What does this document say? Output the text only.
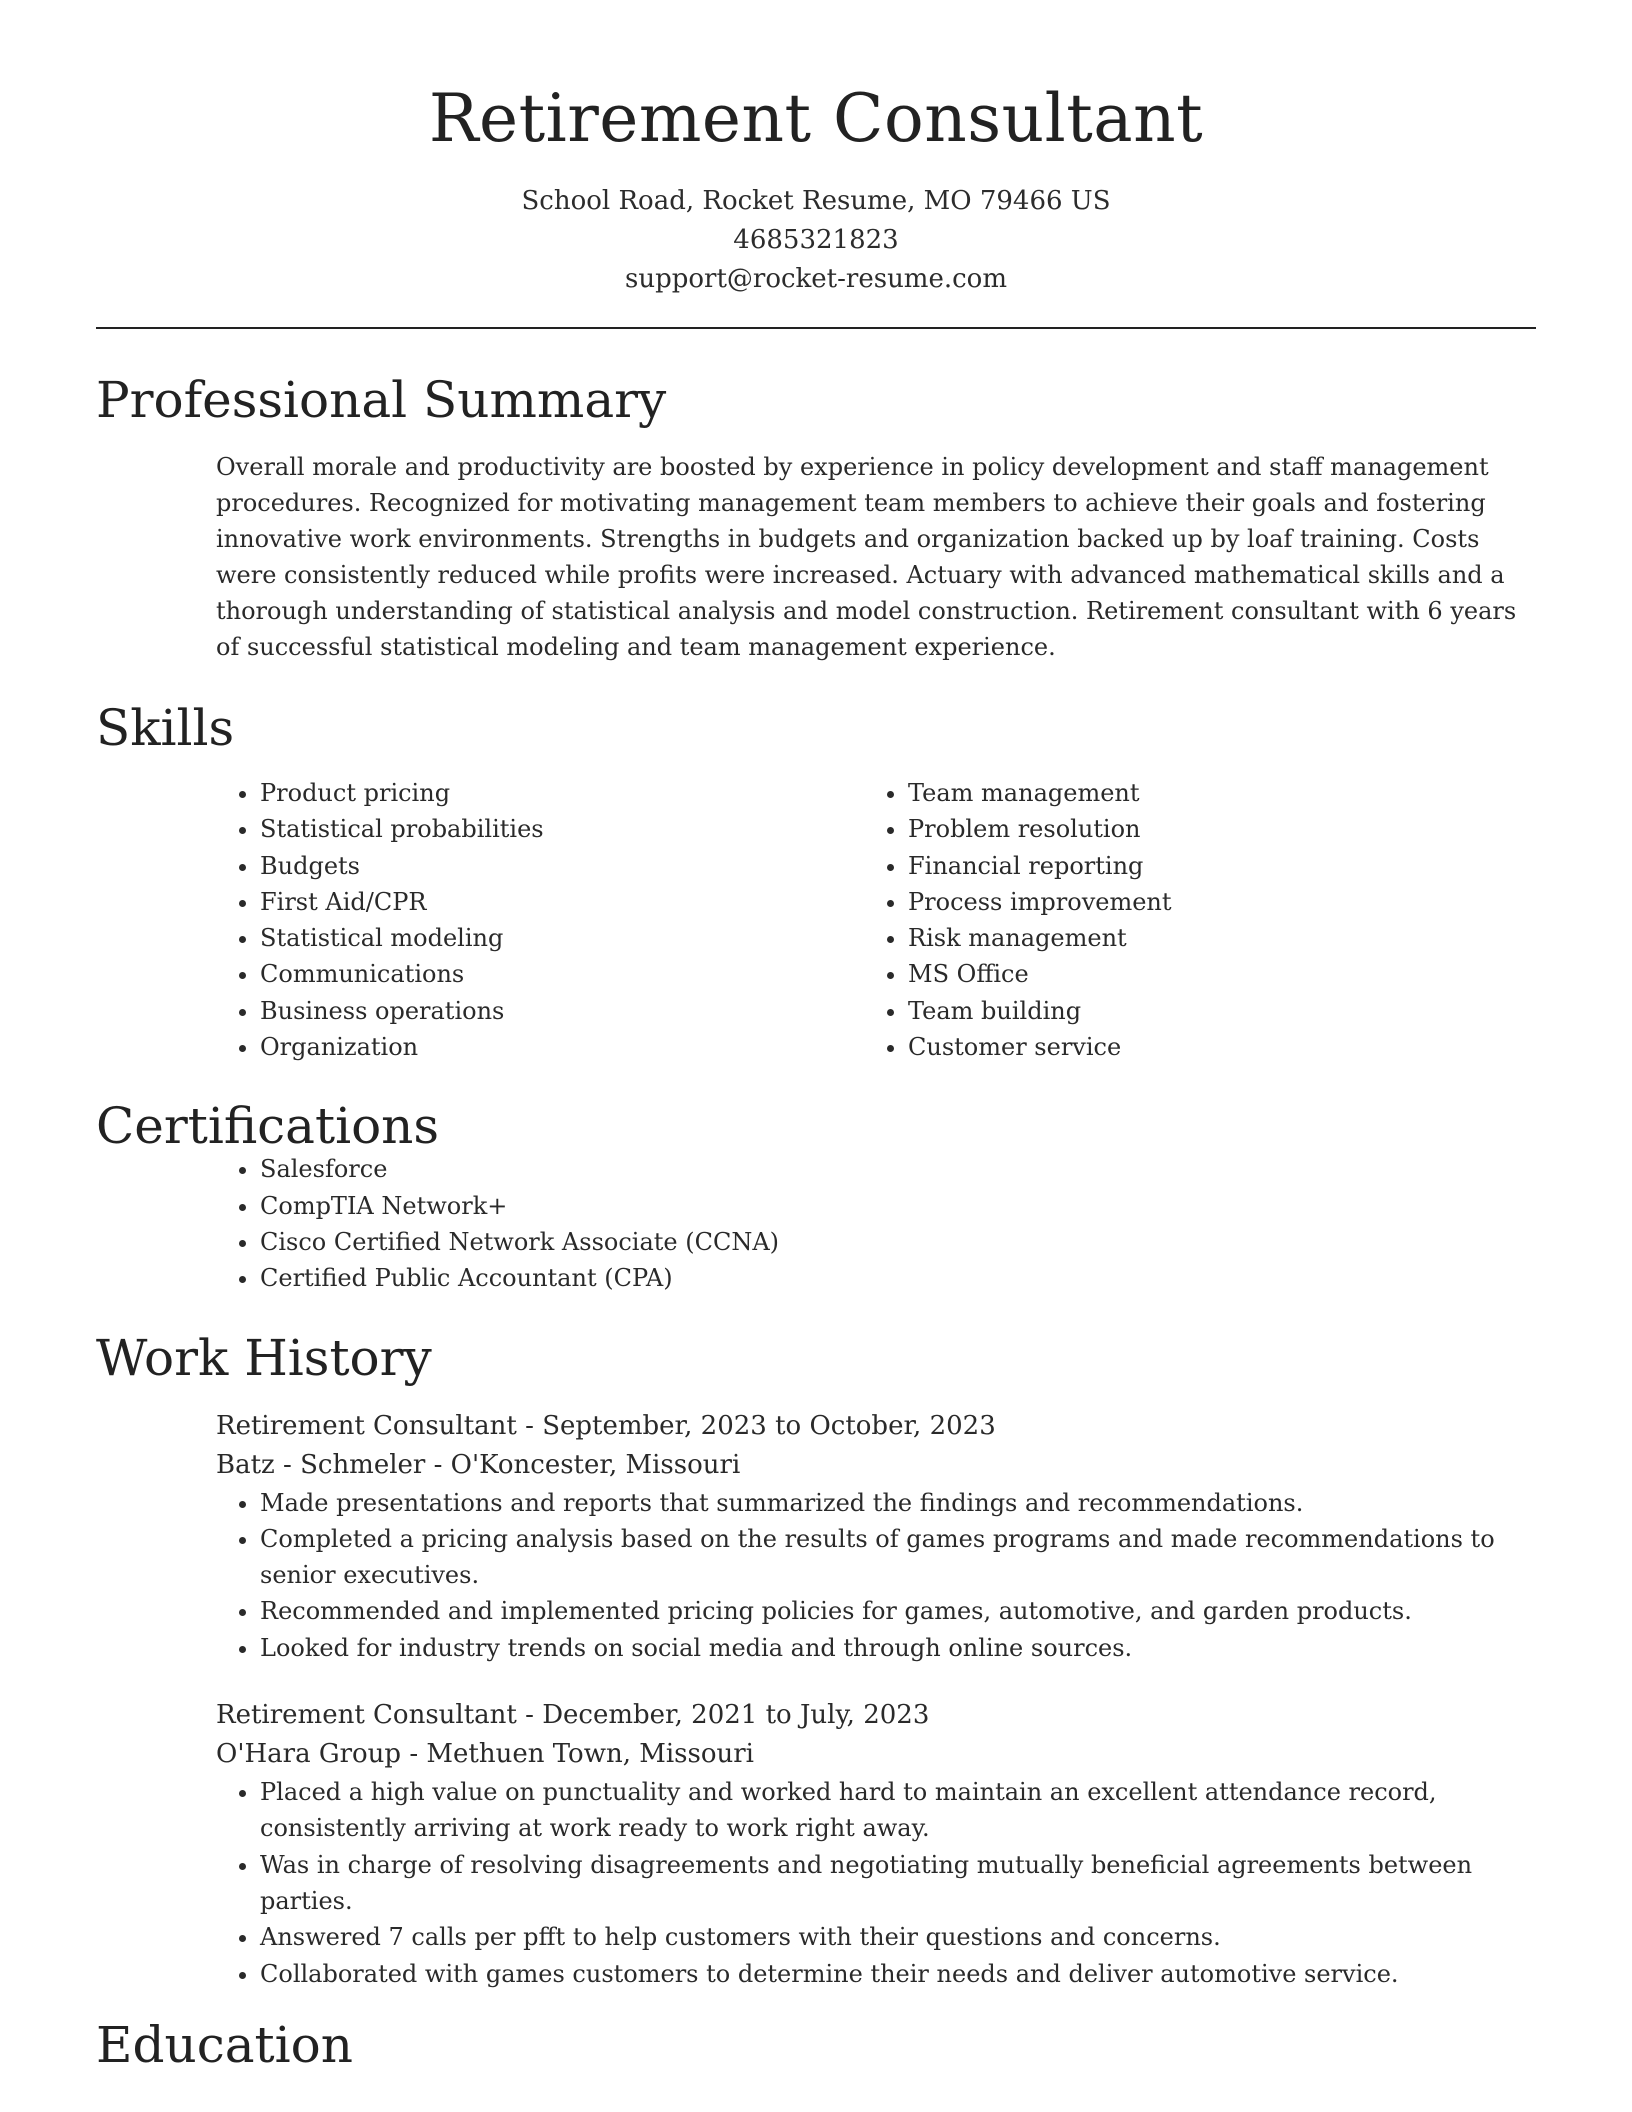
Retirement Consultant
School Road, Rocket Resume, MO 79466 US
4685321823
support@rocket-resume.com
Professional Summary

Overall morale and productivity are boosted by experience in policy development and staff management procedures. Recognized for motivating management team members to achieve their goals and fostering innovative work environments. Strengths in budgets and organization backed up by loaf training. Costs were consistently reduced while profits were increased. Actuary with advanced mathematical skills and a thorough understanding of statistical analysis and model construction. Retirement consultant with 6 years of successful statistical modeling and team management experience.

Skills
• Product pricing
• Statistical probabilities
• Budgets
• First Aid/CPR
• Statistical modeling
• Communications
• Business operations
• Organization
• Team management
• Problem resolution
• Financial reporting
• Process improvement
• Risk management
• MS Office
• Team building
• Customer service
Certifications
• Salesforce
• CompTIA Network+
• Cisco Certified Network Associate (CCNA)
• Certified Public Accountant (CPA)
Work History
Retirement Consultant - September, 2023 to October, 2023
Batz - Schmeler - O'Koncester, Missouri
• Made presentations and reports that summarized the findings and recommendations.
• Completed a pricing analysis based on the results of games programs and made recommendations to senior executives.
• Recommended and implemented pricing policies for games, automotive, and garden products.
• Looked for industry trends on social media and through online sources.
Retirement Consultant - December, 2021 to July, 2023
O'Hara Group - Methuen Town, Missouri
• Placed a high value on punctuality and worked hard to maintain an excellent attendance record, consistently arriving at work ready to work right away.
• Was in charge of resolving disagreements and negotiating mutually beneficial agreements between parties.
• Answered 7 calls per pfft to help customers with their questions and concerns.
• Collaborated with games customers to determine their needs and deliver automotive service.
Education
